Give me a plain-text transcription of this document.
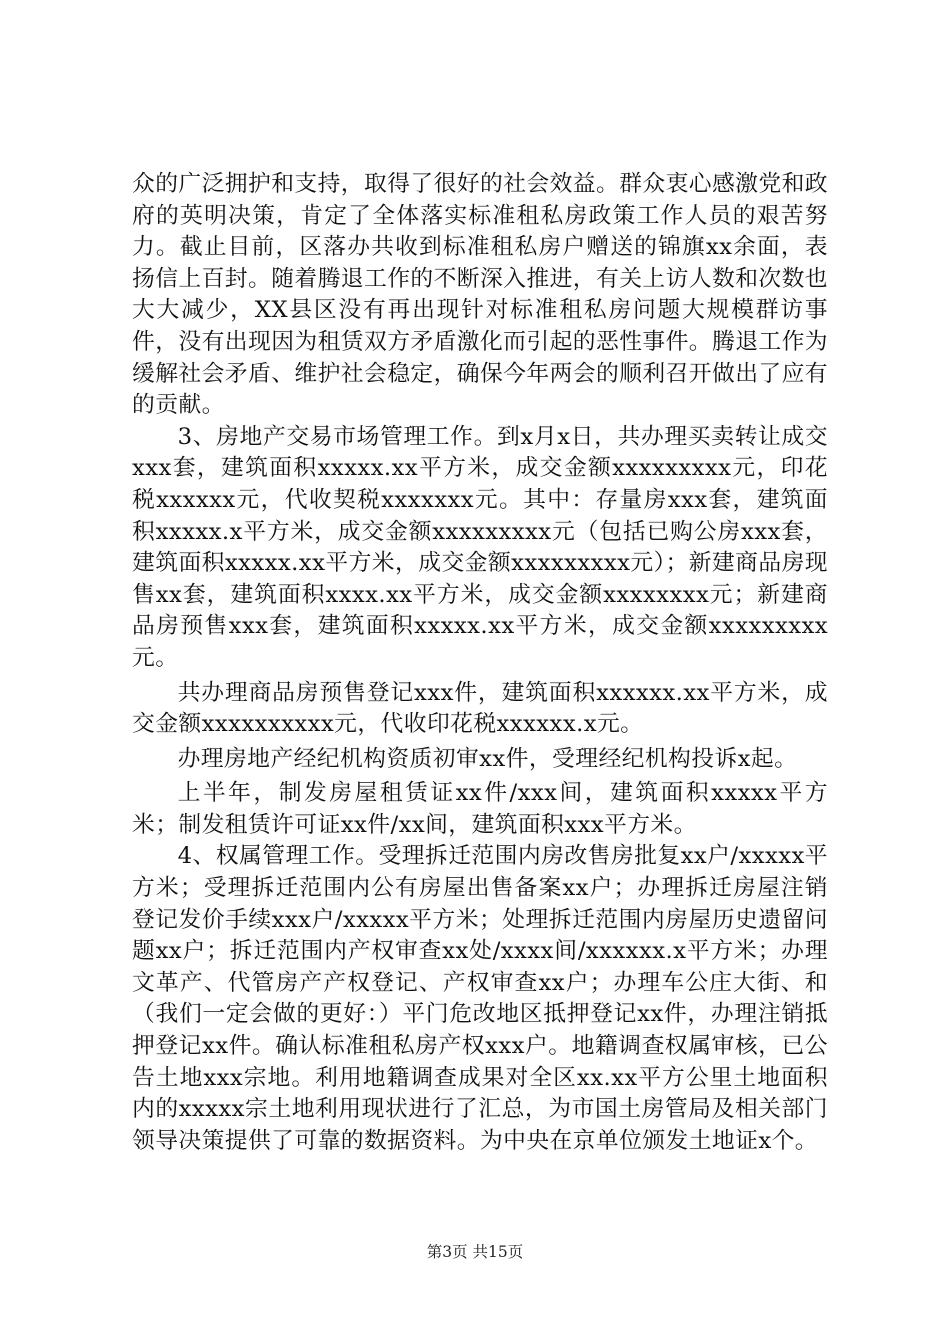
众的广泛拥护和支持，取得了很好的社会效益。群众衷心感激党和政府的英明决策，肯定了全体落实标准租私房政策工作人员的艰苦努力。截止目前，区落办共收到标准租私房户赠送的锦旗xx余面，表扬信上百封。随着腾退工作的不断深入推进，有关上访人数和次数也大大减少，XX县区没有再出现针对标准租私房问题大规模群访事件，没有出现因为租赁双方矛盾激化而引起的恶性事件。腾退工作为缓解社会矛盾、维护社会稳定，确保今年两会的顺利召开做出了应有的贡献。

3、房地产交易市场管理工作。到x月x日，共办理买卖转让成交xxx套，建筑面积xxxxx.xx平方米，成交金额xxxxxxxxx元，印花税xxxxxx元，代收契税xxxxxxx元。其中：存量房xxx套，建筑面积xxxxx.x平方米，成交金额xxxxxxxxx元（包括已购公房xxx套，建筑面积xxxxx.xx平方米，成交金额xxxxxxxxx元）；新建商品房现售xx套，建筑面积xxxx.xx平方米，成交金额xxxxxxxx元；新建商品房预售xxx套，建筑面积xxxxx.xx平方米，成交金额xxxxxxxxx元。

共办理商品房预售登记xxx件，建筑面积xxxxxx.xx平方米，成交金额xxxxxxxxxx元，代收印花税xxxxxx.x元。

办理房地产经纪机构资质初审xx件，受理经纪机构投诉x起。

上半年，制发房屋租赁证xx件/xxx间，建筑面积xxxxx平方米；制发租赁许可证xx件/xx间，建筑面积xxx平方米。

4、权属管理工作。受理拆迁范围内房改售房批复xx户/xxxxx平方米；受理拆迁范围内公有房屋出售备案xx户；办理拆迁房屋注销登记发价手续xxx户/xxxxx平方米；处理拆迁范围内房屋历史遗留问题xx户；拆迁范围内产权审查xx处/xxxx间/xxxxxx.x平方米；办理文革产、代管房产产权登记、产权审查xx户；办理车公庄大街、和（我们一定会做的更好：）平门危改地区抵押登记xx件，办理注销抵押登记xx件。确认标准租私房产权xxx户。地籍调查权属审核，已公告土地xxx宗地。利用地籍调查成果对全区xx.xx平方公里土地面积内的xxxxx宗土地利用现状进行了汇总，为市国土房管局及相关部门领导决策提供了可靠的数据资料。为中央在京单位颁发土地证x个。

第3页 共15页
